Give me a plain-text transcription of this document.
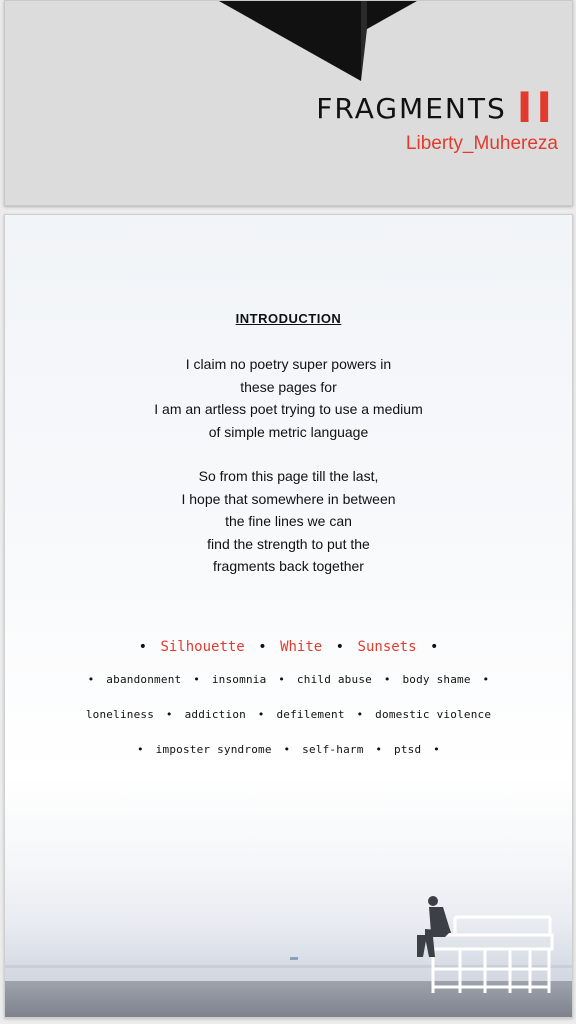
FRAGMENTS II
Liberty_Muhereza
INTRODUCTION
I claim no poetry super powers in
these pages for
I am an artless poet trying to use a medium
of simple metric language
So from this page till the last,
I hope that somewhere in between
the fine lines we can
find the strength to put the
fragments back together
• Silhouette • White • Sunsets •
• abandonment • insomnia • child abuse • body shame •
loneliness • addiction • defilement • domestic violence
• imposter syndrome • self-harm • ptsd •
